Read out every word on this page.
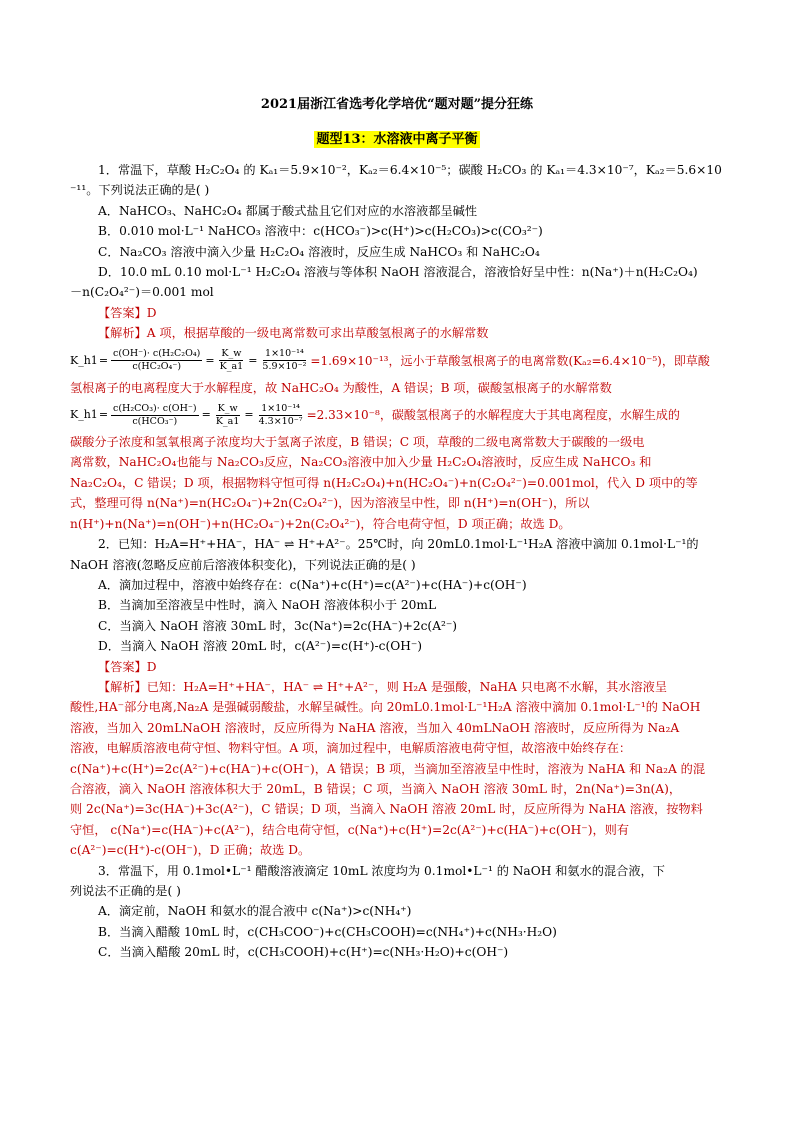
2021届浙江省选考化学培优“题对题”提分狂练
题型13：水溶液中离子平衡
1．常温下，草酸 H₂C₂O₄ 的 Kₐ₁＝5.9×10⁻²，Kₐ₂＝6.4×10⁻⁵；碳酸 H₂CO₃ 的 Kₐ₁＝4.3×10⁻⁷，Kₐ₂＝5.6×10
⁻¹¹。下列说法正确的是( )
A．NaHCO₃、NaHC₂O₄ 都属于酸式盐且它们对应的水溶液都呈碱性
B．0.010 mol·L⁻¹ NaHCO₃ 溶液中：c(HCO₃⁻)>c(H⁺)>c(H₂CO₃)>c(CO₃²⁻)
C．Na₂CO₃ 溶液中滴入少量 H₂C₂O₄ 溶液时，反应生成 NaHCO₃ 和 NaHC₂O₄
D．10.0 mL 0.10 mol·L⁻¹ H₂C₂O₄ 溶液与等体积 NaOH 溶液混合，溶液恰好呈中性：n(Na⁺)＋n(H₂C₂O₄)
－n(C₂O₄²⁻)＝0.001 mol
【答案】D
【解析】A 项，根据草酸的一级电离常数可求出草酸氢根离子的水解常数
K_h1 = $\frac{\text{c(OH⁻)· c(H₂C₂O₄)}}{\text{c(HC₂O₄⁻)}} = \frac{K\_w}{K\_a1} = \frac{\text{1×10⁻¹⁴}}{\text{5.9×10⁻²}} =1.69\times 10^{-13}$，远小于草酸氢根离子的电离常数(Kₐ₂=6.4×10⁻⁵)，即草酸
氢根离子的电离程度大于水解程度，故 NaHC₂O₄ 为酸性，A 错误；B 项，碳酸氢根离子的水解常数
K_h1 = $\frac{\text{c(H₂CO₃)· c(OH⁻)}}{\text{c(HCO₃⁻)}} = \frac{K\_w}{K\_a1} = \frac{\text{1×10⁻¹⁴}}{\text{4.3×10⁻⁷}} =2.33\times 10^{-8}$，碳酸氢根离子的水解程度大于其电离程度，水解生成的
碳酸分子浓度和氢氧根离子浓度均大于氢离子浓度，B 错误；C 项，草酸的二级电离常数大于碳酸的一级电
离常数，NaHC₂O₄也能与 Na₂CO₃反应，Na₂CO₃溶液中加入少量 H₂C₂O₄溶液时，反应生成 NaHCO₃ 和
Na₂C₂O₄，C 错误；D 项，根据物料守恒可得 n(H₂C₂O₄)+n(HC₂O₄⁻)+n(C₂O₄²⁻)=0.001mol，代入 D 项中的等
式，整理可得 n(Na⁺)=n(HC₂O₄⁻)+2n(C₂O₄²⁻)，因为溶液呈中性，即 n(H⁺)=n(OH⁻)，所以
n(H⁺)+n(Na⁺)=n(OH⁻)+n(HC₂O₄⁻)+2n(C₂O₄²⁻)，符合电荷守恒，D 项正确；故选 D。
2．已知：H₂A=H⁺+HA⁻，HA⁻ ⇌ H⁺+A²⁻。25℃时，向 20mL0.1mol·L⁻¹H₂A 溶液中滴加 0.1mol·L⁻¹的
NaOH 溶液(忽略反应前后溶液体积变化)，下列说法正确的是( )
A．滴加过程中，溶液中始终存在：c(Na⁺)+c(H⁺)=c(A²⁻)+c(HA⁻)+c(OH⁻)
B．当滴加至溶液呈中性时，滴入 NaOH 溶液体积小于 20mL
C．当滴入 NaOH 溶液 30mL 时，3c(Na⁺)=2c(HA⁻)+2c(A²⁻)
D．当滴入 NaOH 溶液 20mL 时，c(A²⁻)=c(H⁺)-c(OH⁻)
【答案】D
【解析】已知：H₂A=H⁺+HA⁻，HA⁻ ⇌ H⁺+A²⁻，则 H₂A 是强酸，NaHA 只电离不水解，其水溶液呈
酸性,HA⁻部分电离,Na₂A 是强碱弱酸盐，水解呈碱性。向 20mL0.1mol·L⁻¹H₂A 溶液中滴加 0.1mol·L⁻¹的 NaOH
溶液，当加入 20mLNaOH 溶液时，反应所得为 NaHA 溶液，当加入 40mLNaOH 溶液时，反应所得为 Na₂A
溶液，电解质溶液电荷守恒、物料守恒。A 项，滴加过程中，电解质溶液电荷守恒，故溶液中始终存在：
c(Na⁺)+c(H⁺)=2c(A²⁻)+c(HA⁻)+c(OH⁻)，A 错误；B 项，当滴加至溶液呈中性时，溶液为 NaHA 和 Na₂A 的混
合溶液，滴入 NaOH 溶液体积大于 20mL，B 错误；C 项，当滴入 NaOH 溶液 30mL 时，2n(Na⁺)=3n(A)，
则 2c(Na⁺)=3c(HA⁻)+3c(A²⁻)，C 错误；D 项，当滴入 NaOH 溶液 20mL 时，反应所得为 NaHA 溶液，按物料
守恒， c(Na⁺)=c(HA⁻)+c(A²⁻)，结合电荷守恒，c(Na⁺)+c(H⁺)=2c(A²⁻)+c(HA⁻)+c(OH⁻)，则有
c(A²⁻)=c(H⁺)-c(OH⁻)，D 正确；故选 D。
3．常温下，用 0.1mol•L⁻¹ 醋酸溶液滴定 10mL 浓度均为 0.1mol•L⁻¹ 的 NaOH 和氨水的混合液，下
列说法不正确的是( )
A．滴定前，NaOH 和氨水的混合液中 c(Na⁺)>c(NH₄⁺)
B．当滴入醋酸 10mL 时，c(CH₃COO⁻)+c(CH₃COOH)=c(NH₄⁺)+c(NH₃·H₂O)
C．当滴入醋酸 20mL 时，c(CH₃COOH)+c(H⁺)=c(NH₃·H₂O)+c(OH⁻)
